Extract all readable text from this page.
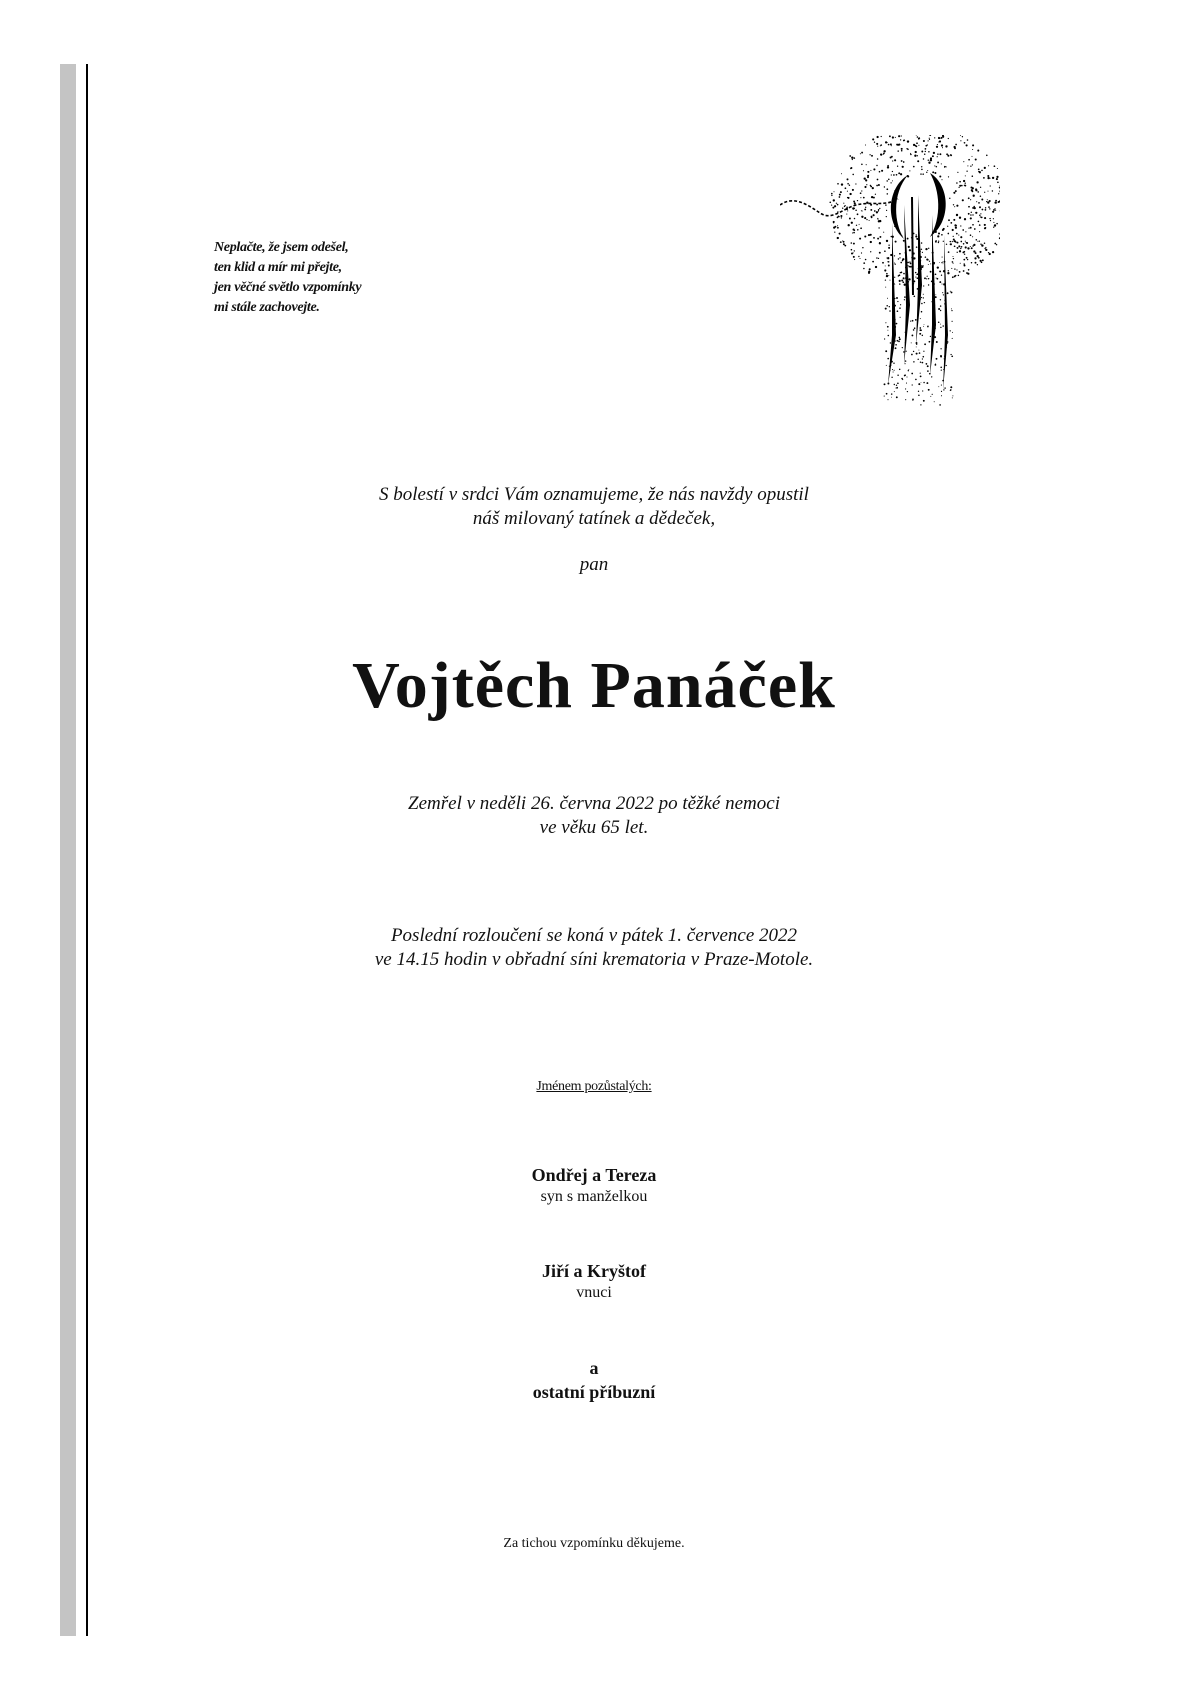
Neplačte, že jsem odešel,
ten klid a mír mi přejte,
jen věčné světlo vzpomínky
mi stále zachovejte.
S bolestí v srdci Vám oznamujeme, že nás navždy opustil
náš milovaný tatínek a dědeček,
pan
Vojtěch Panáček
Zemřel v neděli 26. června 2022 po těžké nemoci
ve věku 65 let.
Poslední rozloučení se koná v pátek 1. července 2022
ve 14.15 hodin v obřadní síni krematoria v Praze-Motole.
Jménem pozůstalých:
Ondřej a Tereza
syn s manželkou
Jiří a Kryštof
vnuci
a
ostatní příbuzní
Za tichou vzpomínku děkujeme.
